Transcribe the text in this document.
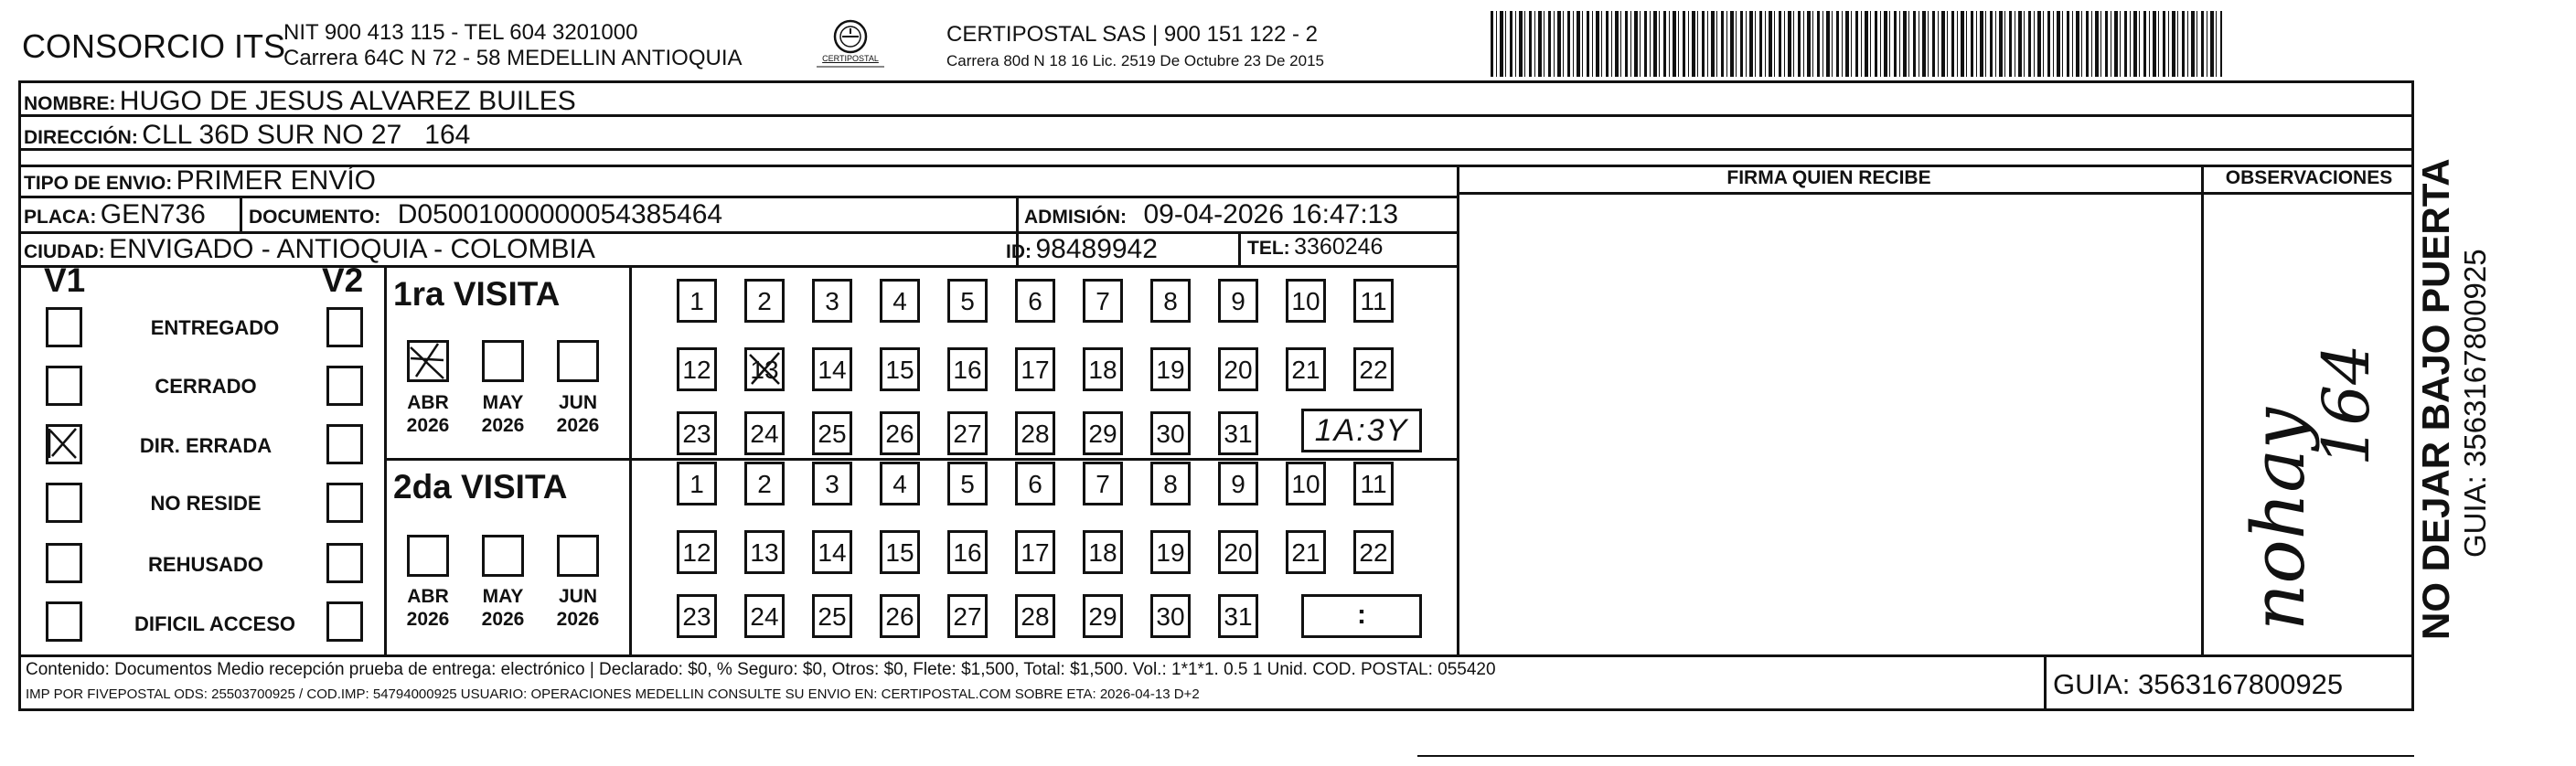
CONSORCIO ITS
NIT 900 413 115 - TEL 604 3201000
Carrera 64C N 72 - 58 MEDELLIN ANTIOQUIA	CERTIPOSTAL
CERTIPOSTAL SAS | 900 151 122 - 2
Carrera 80d N 18 16 Lic. 2519 De Octubre 23 De 2015
NOMBRE: HUGO DE JESUS ALVAREZ BUILES
DIRECCIÓN: CLL 36D SUR NO 27   164
TIPO DE ENVIO: PRIMER ENVÍO
PLACA: GEN736 DOCUMENTO: D05001000000054385464	ADMISIÓN: 09-04-2026 16:47:13
CIUDAD: ENVIGADO - ANTIOQUIA - COLOMBIA	ID: 98489942	TEL: 3360246
FIRMA QUIEN RECIBE	OBSERVACIONES
V1	V2
ENTREGADO
CERRADO
DIR. ERRADA
NO RESIDE
REHUSADO
DIFICIL ACCESO
1ra VISITA
ABR
2026
MAY
2026
JUN
2026
2da VISITA
ABR
2026
MAY
2026
JUN
2026
1	2	3	4	5	6	7	8	9	10 11
12 13 14 15 16 17 18 19 20 21 22
23 24 25 26 27 28 29 30 31
1	2	3	4	5	6	7	8	9	10 11
12 13 14 15 16 17 18 19 20 21 22
23 24 25 26 27 28 29 30 31
1A:3Y
:	nohay
164 NO DEJAR BAJO PUERTA GUIA: 3563167800925
Contenido: Documentos Medio recepción prueba de entrega: electrónico | Declarado: $0, % Seguro: $0, Otros: $0, Flete: $1,500, Total: $1,500. Vol.: 1*1*1. 0.5 1 Unid. COD. POSTAL: 055420
IMP POR FIVEPOSTAL ODS: 25503700925 / COD.IMP: 54794000925 USUARIO: OPERACIONES MEDELLIN CONSULTE SU ENVIO EN: CERTIPOSTAL.COM SOBRE ETA: 2026-04-13 D+2	GUIA: 3563167800925
